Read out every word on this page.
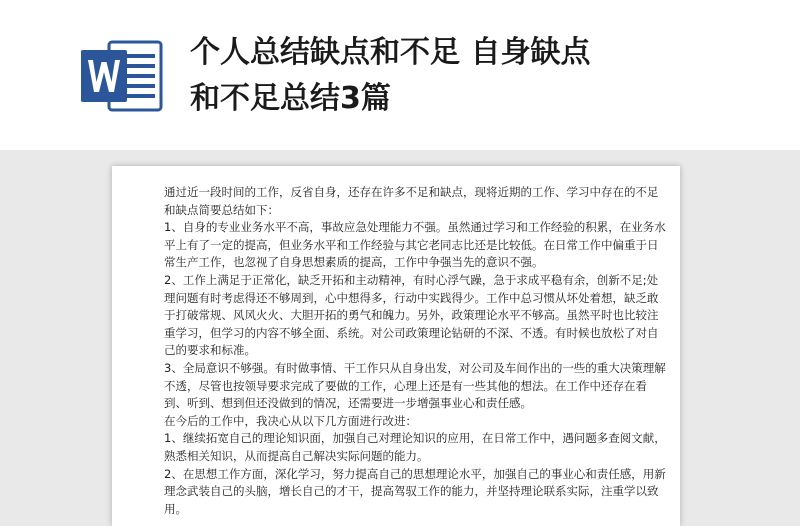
个人总结缺点和不足 自身缺点
和不足总结3篇

通过近一段时间的工作，反省自身，还存在许多不足和缺点，现将近期的工作、学习中存在的不足和缺点简要总结如下：

1、自身的专业业务水平不高，事故应急处理能力不强。虽然通过学习和工作经验的积累，在业务水平上有了一定的提高，但业务水平和工作经验与其它老同志比还是比较低。在日常工作中偏重于日常生产工作，也忽视了自身思想素质的提高，工作中争强当先的意识不强。

2、工作上满足于正常化，缺乏开拓和主动精神，有时心浮气躁，急于求成平稳有余，创新不足;处理问题有时考虑得还不够周到，心中想得多，行动中实践得少。工作中总习惯从坏处着想，缺乏敢于打破常规、风风火火、大胆开拓的勇气和魄力。另外，政策理论水平不够高。虽然平时也比较注重学习，但学习的内容不够全面、系统。对公司政策理论钻研的不深、不透。有时候也放松了对自己的要求和标准。

3、全局意识不够强。有时做事情、干工作只从自身出发，对公司及车间作出的一些的重大决策理解不透，尽管也按领导要求完成了要做的工作，心理上还是有一些其他的想法。在工作中还存在看到、听到、想到但还没做到的情况，还需要进一步增强事业心和责任感。

在今后的工作中，我决心从以下几方面进行改进：

1、继续拓宽自己的理论知识面，加强自己对理论知识的应用，在日常工作中，遇问题多查阅文献，熟悉相关知识，从而提高自己解决实际问题的能力。

2、在思想工作方面，深化学习，努力提高自己的思想理论水平，加强自己的事业心和责任感，用新理念武装自己的头脑，增长自己的才干，提高驾驭工作的能力，并坚持理论联系实际，注重学以致用。
